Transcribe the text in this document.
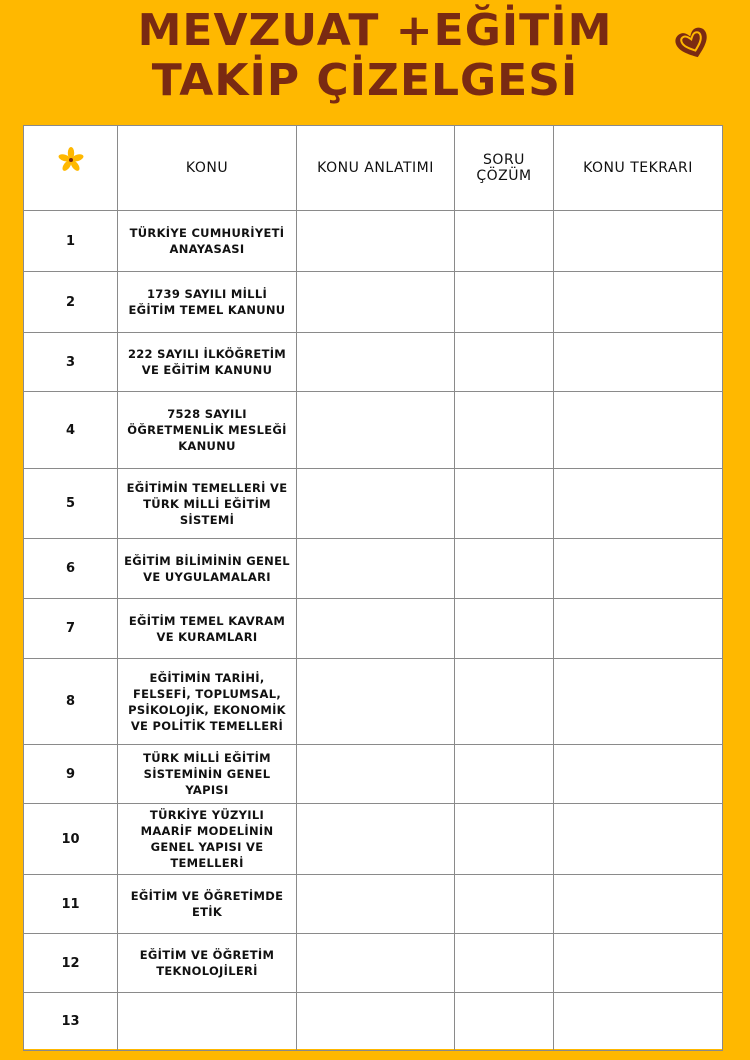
MEVZUAT +EĞİTİM
TAKİP ÇİZELGESİ
	KONU	KONU ANLATIMI	SORU ÇÖZÜM	KONU TEKRARI
1	TÜRKİYE CUMHURİYETİ ANAYASASI			
2	1739 SAYILI MİLLİ EĞİTİM TEMEL KANUNU			
3	222 SAYILI İLKÖĞRETİM VE EĞİTİM KANUNU			
4	7528 SAYILI ÖĞRETMENLİK MESLEĞİ KANUNU			
5	EĞİTİMİN TEMELLERİ VE TÜRK MİLLİ EĞİTİM SİSTEMİ			
6	EĞİTİM BİLİMİNİN GENEL VE UYGULAMALARI			
7	EĞİTİM TEMEL KAVRAM VE KURAMLARI			
8	EĞİTİMİN TARİHİ, FELSEFİ, TOPLUMSAL, PSİKOLOJİK, EKONOMİK VE POLİTİK TEMELLERİ			
9	TÜRK MİLLİ EĞİTİM SİSTEMİNİN GENEL YAPISI			
10	TÜRKİYE YÜZYILI MAARİF MODELİNİN GENEL YAPISI VE TEMELLERİ			
11	EĞİTİM VE ÖĞRETİMDE ETİK			
12	EĞİTİM VE ÖĞRETİM TEKNOLOJİLERİ			
13				
